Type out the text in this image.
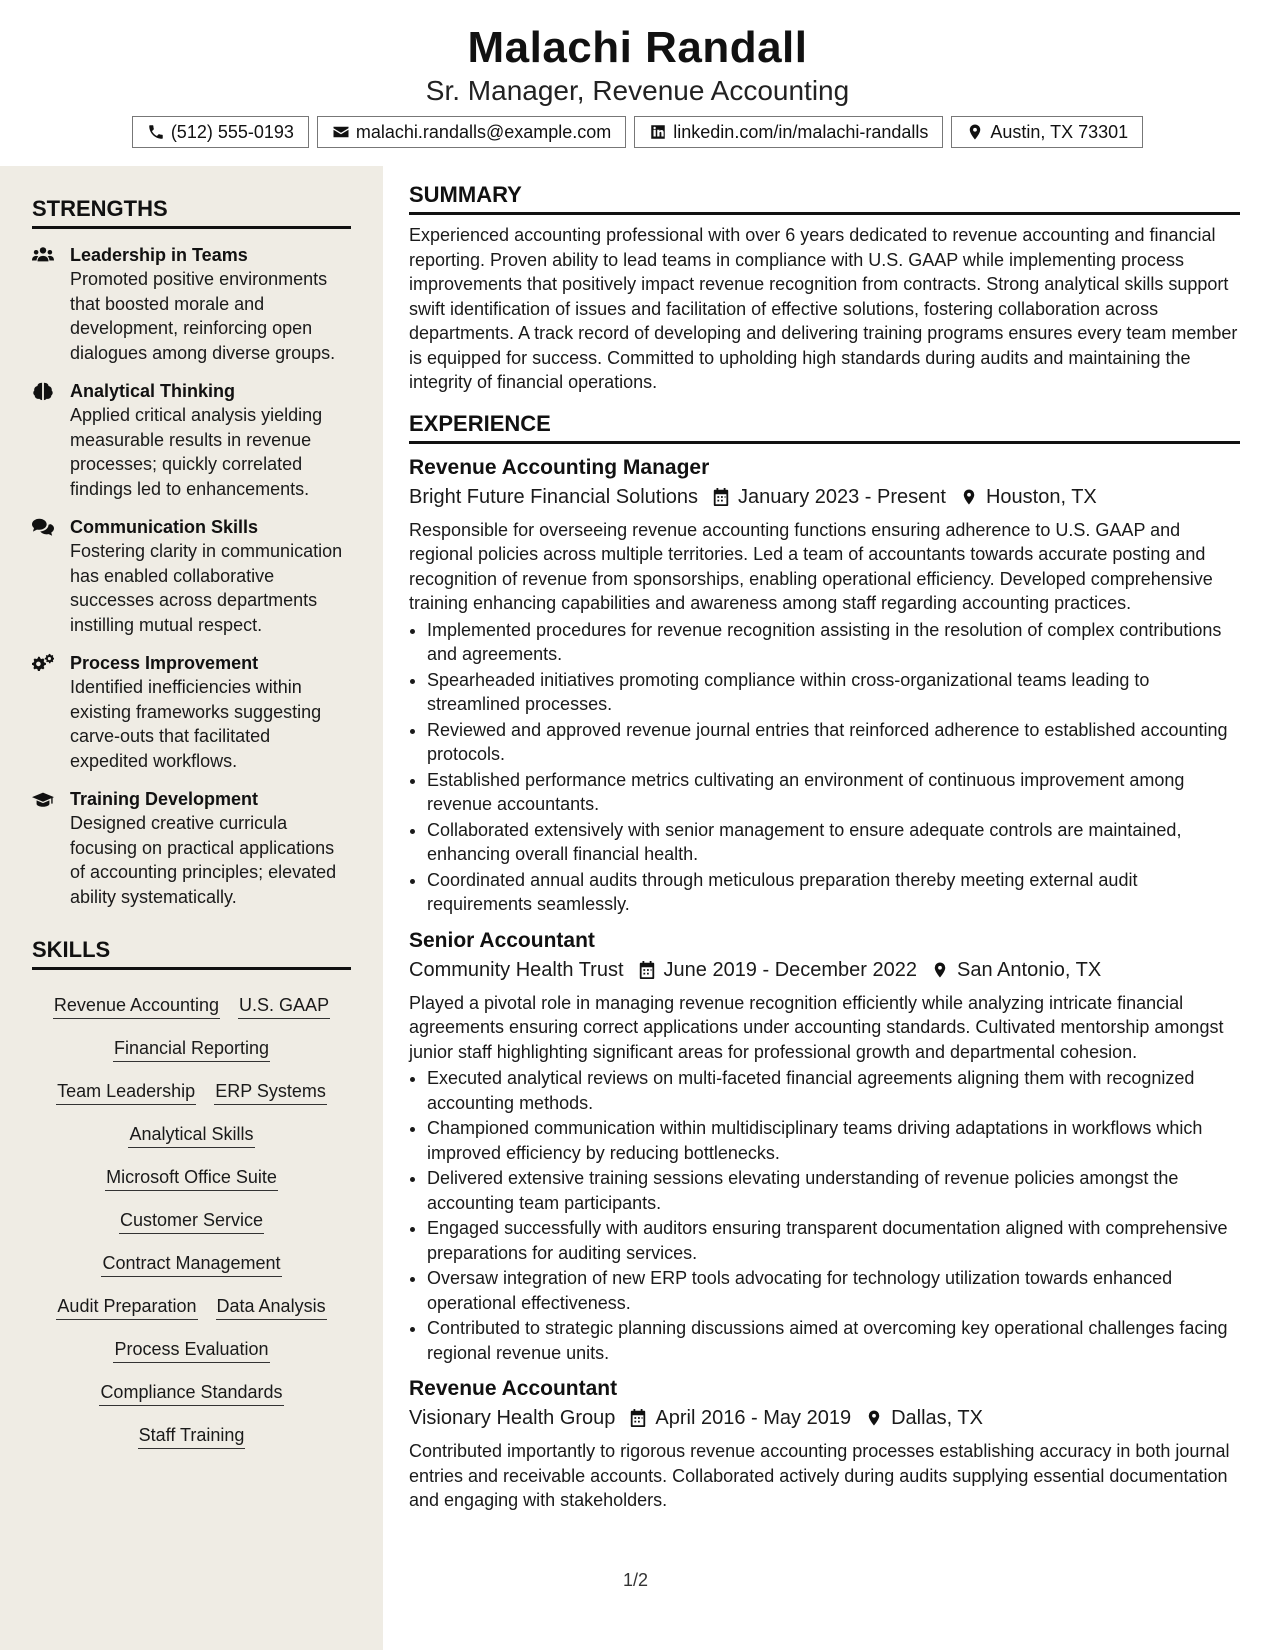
Malachi Randall
Sr. Manager, Revenue Accounting
(512) 555-0193	malachi.randalls@example.com	linkedin.com/in/malachi-randalls	Austin, TX 73301
STRENGTHS
Leadership in Teams
Promoted positive environments that boosted morale and development, reinforcing open dialogues among diverse groups.
Analytical Thinking
Applied critical analysis yielding measurable results in revenue processes; quickly correlated findings led to enhancements.
Communication Skills
Fostering clarity in communication has enabled collaborative successes across departments instilling mutual respect.
Process Improvement
Identified inefficiencies within existing frameworks suggesting carve-outs that facilitated expedited workflows.
Training Development
Designed creative curricula focusing on practical applications of accounting principles; elevated ability systematically.
SKILLS
Revenue Accounting U.S. GAAP
Financial Reporting
Team Leadership ERP Systems
Analytical Skills
Microsoft Office Suite
Customer Service
Contract Management
Audit Preparation Data Analysis
Process Evaluation
Compliance Standards
Staff Training
SUMMARY
Experienced accounting professional with over 6 years dedicated to revenue accounting and financial reporting. Proven ability to lead teams in compliance with U.S. GAAP while implementing process improvements that positively impact revenue recognition from contracts. Strong analytical skills support swift identification of issues and facilitation of effective solutions, fostering collaboration across departments. A track record of developing and delivering training programs ensures every team member is equipped for success. Committed to upholding high standards during audits and maintaining the integrity of financial operations.
EXPERIENCE
Revenue Accounting Manager
Bright Future Financial Solutions January 2023 - Present Houston, TX
Responsible for overseeing revenue accounting functions ensuring adherence to U.S. GAAP and regional policies across multiple territories. Led a team of accountants towards accurate posting and recognition of revenue from sponsorships, enabling operational efficiency. Developed comprehensive training enhancing capabilities and awareness among staff regarding accounting practices.
• Implemented procedures for revenue recognition assisting in the resolution of complex contributions and agreements.
• Spearheaded initiatives promoting compliance within cross-organizational teams leading to streamlined processes.
• Reviewed and approved revenue journal entries that reinforced adherence to established accounting protocols.
• Established performance metrics cultivating an environment of continuous improvement among revenue accountants.
• Collaborated extensively with senior management to ensure adequate controls are maintained, enhancing overall financial health.
• Coordinated annual audits through meticulous preparation thereby meeting external audit requirements seamlessly.
Senior Accountant
Community Health Trust June 2019 - December 2022 San Antonio, TX
Played a pivotal role in managing revenue recognition efficiently while analyzing intricate financial agreements ensuring correct applications under accounting standards. Cultivated mentorship amongst junior staff highlighting significant areas for professional growth and departmental cohesion.
• Executed analytical reviews on multi-faceted financial agreements aligning them with recognized accounting methods.
• Championed communication within multidisciplinary teams driving adaptations in workflows which improved efficiency by reducing bottlenecks.
• Delivered extensive training sessions elevating understanding of revenue policies amongst the accounting team participants.
• Engaged successfully with auditors ensuring transparent documentation aligned with comprehensive preparations for auditing services.
• Oversaw integration of new ERP tools advocating for technology utilization towards enhanced operational effectiveness.
• Contributed to strategic planning discussions aimed at overcoming key operational challenges facing regional revenue units.
Revenue Accountant
Visionary Health Group April 2016 - May 2019 Dallas, TX
Contributed importantly to rigorous revenue accounting processes establishing accuracy in both journal entries and receivable accounts. Collaborated actively during audits supplying essential documentation and engaging with stakeholders.
1/2
